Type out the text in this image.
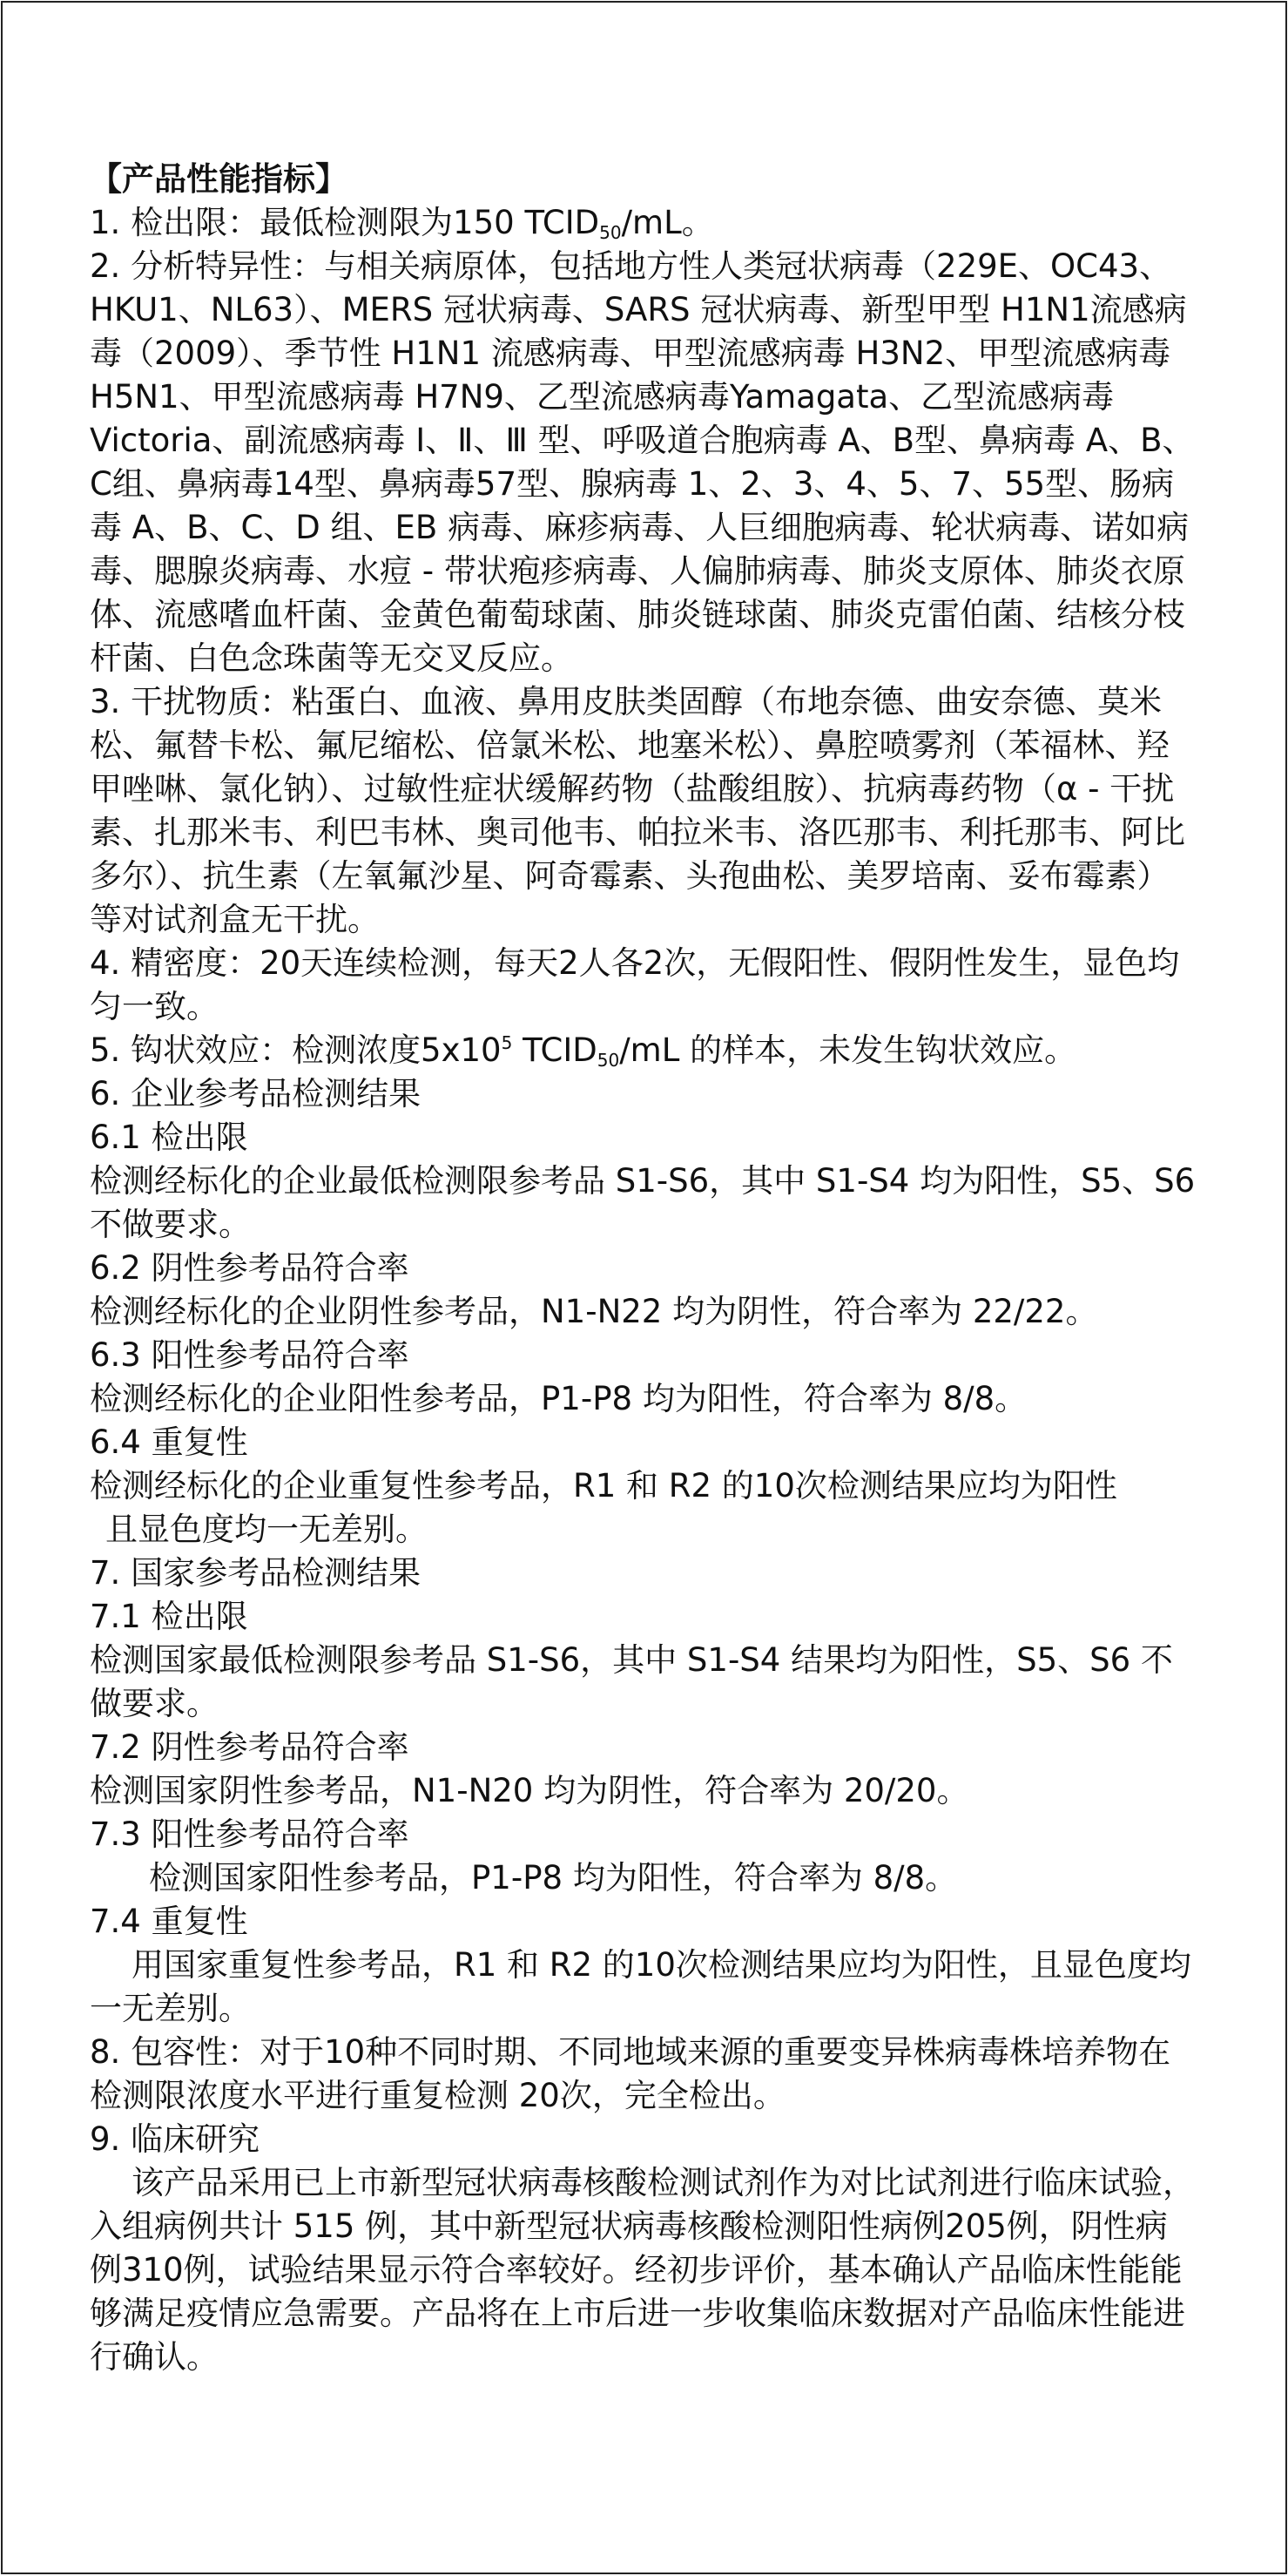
【产品性能指标】

1. 检出限：最低检测限为150 $TCID_{50}/mL$。

2. 分析特异性：与相关病原体，包括地方性人类冠状病毒（229E、OC43、HKU1、NL63）、MERS 冠状病毒、SARS 冠状病毒、新型甲型 H1N1流感病毒（2009）、季节性 H1N1 流感病毒、甲型流感病毒 H3N2、甲型流感病毒 H5N1、甲型流感病毒 H7N9、乙型流感病毒Yamagata、乙型流感病毒 Victoria、副流感病毒 Ⅰ、Ⅱ、Ⅲ 型、呼吸道合胞病毒 A、B型、鼻病毒 A、B、C组、鼻病毒14型、鼻病毒57型、腺病毒 1、2、3、4、5、7、55型、肠病毒 A、B、C、D 组、EB 病毒、麻疹病毒、人巨细胞病毒、轮状病毒、诺如病毒、腮腺炎病毒、水痘 - 带状疱疹病毒、人偏肺病毒、肺炎支原体、肺炎衣原体、流感嗜血杆菌、金黄色葡萄球菌、肺炎链球菌、肺炎克雷伯菌、结核分枝杆菌、白色念珠菌等无交叉反应。

3. 干扰物质：粘蛋白、血液、鼻用皮肤类固醇（布地奈德、曲安奈德、莫米松、氟替卡松、氟尼缩松、倍氯米松、地塞米松）、鼻腔喷雾剂（苯福林、羟甲唑啉、氯化钠）、过敏性症状缓解药物（盐酸组胺）、抗病毒药物（α - 干扰素、扎那米韦、利巴韦林、奥司他韦、帕拉米韦、洛匹那韦、利托那韦、阿比多尔）、抗生素（左氧氟沙星、阿奇霉素、头孢曲松、美罗培南、妥布霉素）等对试剂盒无干扰。

4. 精密度：20天连续检测，每天2人各2次，无假阳性、假阴性发生，显色均匀一致。

5. 钩状效应：检测浓度$5x10^5$ $TCID_{50}/mL$ 的样本，未发生钩状效应。

6. 企业参考品检测结果

6.1 检出限

检测经标化的企业最低检测限参考品 S1-S6，其中 S1-S4 均为阳性，S5、S6 不做要求。

6.2 阴性参考品符合率

检测经标化的企业阴性参考品，N1-N22 均为阴性，符合率为 22/22。

6.3 阳性参考品符合率

检测经标化的企业阳性参考品，P1-P8 均为阳性，符合率为 8/8。

6.4 重复性

检测经标化的企业重复性参考品，R1 和 R2 的10次检测结果应均为阳性

且显色度均一无差别。

7. 国家参考品检测结果

7.1 检出限

检测国家最低检测限参考品 S1-S6，其中 S1-S4 结果均为阳性，S5、S6 不做要求。

7.2 阴性参考品符合率

检测国家阴性参考品，N1-N20 均为阴性，符合率为 20/20。

7.3 阳性参考品符合率

检测国家阳性参考品，P1-P8 均为阳性，符合率为 8/8。

7.4 重复性

用国家重复性参考品，R1 和 R2 的10次检测结果应均为阳性，且显色度均一无差别。

8. 包容性：对于10种不同时期、不同地域来源的重要变异株病毒株培养物在检测限浓度水平进行重复检测 20次，完全检出。

9. 临床研究

该产品采用已上市新型冠状病毒核酸检测试剂作为对比试剂进行临床试验，入组病例共计 515 例，其中新型冠状病毒核酸检测阳性病例205例，阴性病例310例，试验结果显示符合率较好。经初步评价，基本确认产品临床性能能够满足疫情应急需要。产品将在上市后进一步收集临床数据对产品临床性能进行确认。
